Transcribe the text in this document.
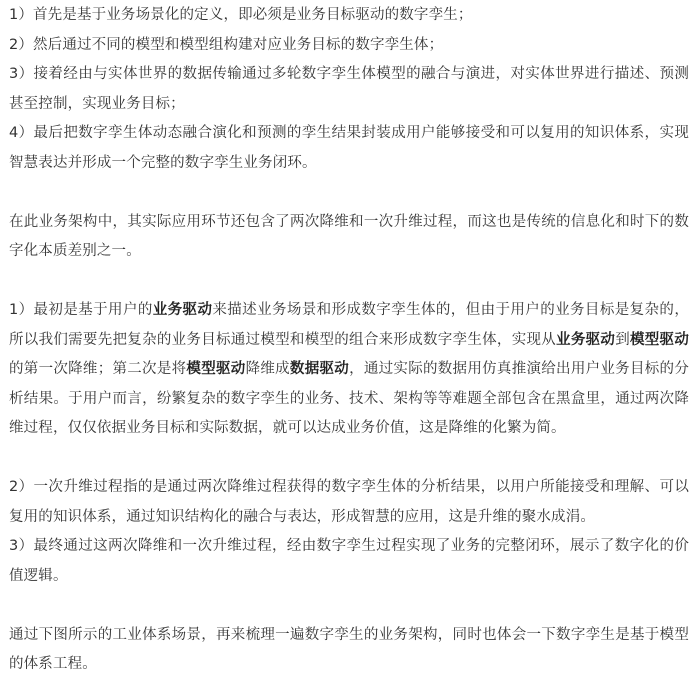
1）首先是基于业务场景化的定义，即必须是业务目标驱动的数字孪生；

2）然后通过不同的模型和模型组构建对应业务目标的数字孪生体；

3）接着经由与实体世界的数据传输通过多轮数字孪生体模型的融合与演进，对实体世界进行描述、预测甚至控制，实现业务目标；

4）最后把数字孪生体动态融合演化和预测的孪生结果封装成用户能够接受和可以复用的知识体系，实现智慧表达并形成一个完整的数字孪生业务闭环。

在此业务架构中，其实际应用环节还包含了两次降维和一次升维过程，而这也是传统的信息化和时下的数字化本质差别之一。

1）最初是基于用户的业务驱动来描述业务场景和形成数字孪生体的，但由于用户的业务目标是复杂的，所以我们需要先把复杂的业务目标通过模型和模型的组合来形成数字孪生体，实现从业务驱动到模型驱动的第一次降维；第二次是将模型驱动降维成数据驱动，通过实际的数据用仿真推演给出用户业务目标的分析结果。于用户而言，纷繁复杂的数字孪生的业务、技术、架构等等难题全部包含在黑盒里，通过两次降维过程，仅仅依据业务目标和实际数据，就可以达成业务价值，这是降维的化繁为简。

2）一次升维过程指的是通过两次降维过程获得的数字孪生体的分析结果，以用户所能接受和理解、可以复用的知识体系，通过知识结构化的融合与表达，形成智慧的应用，这是升维的聚水成涓。

3）最终通过这两次降维和一次升维过程，经由数字孪生过程实现了业务的完整闭环，展示了数字化的价值逻辑。

通过下图所示的工业体系场景，再来梳理一遍数字孪生的业务架构，同时也体会一下数字孪生是基于模型的体系工程。
